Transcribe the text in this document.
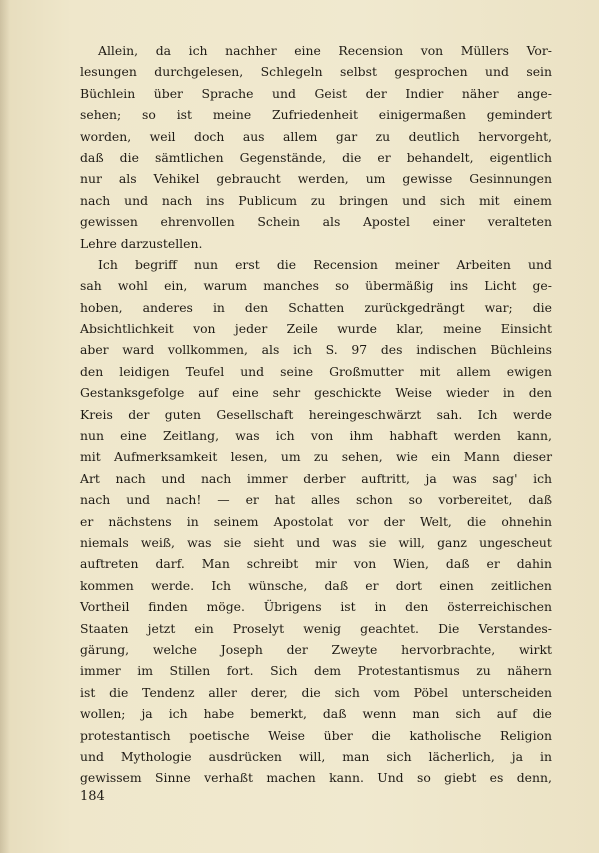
Allein, da ich nachher eine Recension von Müllers Vor-
lesungen durchgelesen, Schlegeln selbst gesprochen und sein
Büchlein über Sprache und Geist der Indier näher ange-
sehen; so ist meine Zufriedenheit einigermaßen gemindert
worden, weil doch aus allem gar zu deutlich hervorgeht,
daß die sämtlichen Gegenstände, die er behandelt, eigentlich
nur als Vehikel gebraucht werden, um gewisse Gesinnungen
nach und nach ins Publicum zu bringen und sich mit einem
gewissen ehrenvollen Schein als Apostel einer veralteten
Lehre darzustellen.
Ich begriff nun erst die Recension meiner Arbeiten und
sah wohl ein, warum manches so übermäßig ins Licht ge-
hoben, anderes in den Schatten zurückgedrängt war; die
Absichtlichkeit von jeder Zeile wurde klar, meine Einsicht
aber ward vollkommen, als ich S. 97 des indischen Büchleins
den leidigen Teufel und seine Großmutter mit allem ewigen
Gestanksgefolge auf eine sehr geschickte Weise wieder in den
Kreis der guten Gesellschaft hereingeschwärzt sah. Ich werde
nun eine Zeitlang, was ich von ihm habhaft werden kann,
mit Aufmerksamkeit lesen, um zu sehen, wie ein Mann dieser
Art nach und nach immer derber auftritt, ja was sag' ich
nach und nach! — er hat alles schon so vorbereitet, daß
er nächstens in seinem Apostolat vor der Welt, die ohnehin
niemals weiß, was sie sieht und was sie will, ganz ungescheut
auftreten darf. Man schreibt mir von Wien, daß er dahin
kommen werde. Ich wünsche, daß er dort einen zeitlichen
Vortheil finden möge. Übrigens ist in den österreichischen
Staaten jetzt ein Proselyt wenig geachtet. Die Verstandes-
gärung, welche Joseph der Zweyte hervorbrachte, wirkt
immer im Stillen fort. Sich dem Protestantismus zu nähern
ist die Tendenz aller derer, die sich vom Pöbel unterscheiden
wollen; ja ich habe bemerkt, daß wenn man sich auf die
protestantisch poetische Weise über die katholische Religion
und Mythologie ausdrücken will, man sich lächerlich, ja in
gewissem Sinne verhaßt machen kann. Und so giebt es denn,
184
